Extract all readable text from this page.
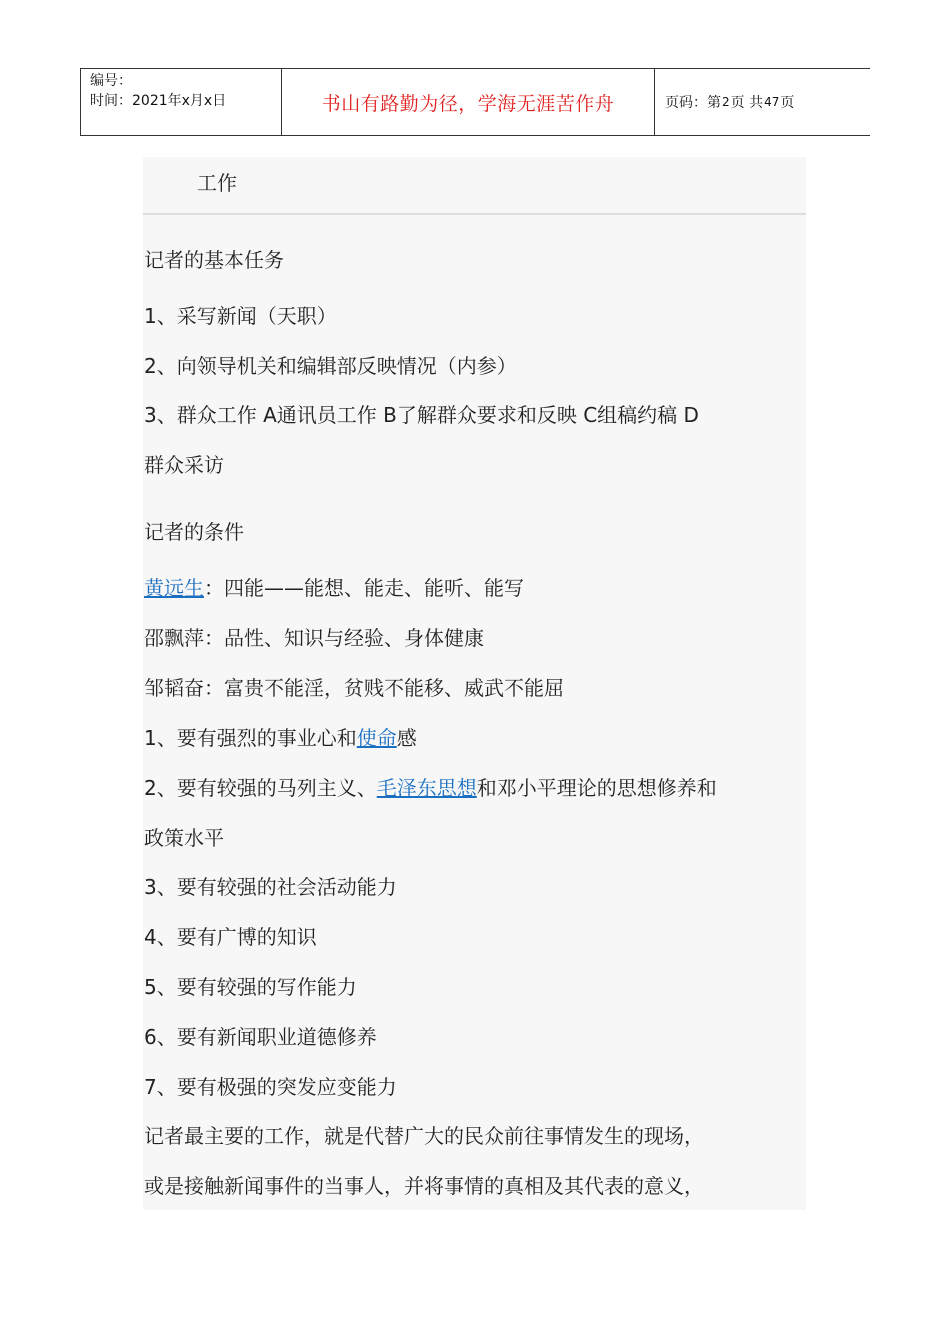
编号：
时间：2021年x月x日	书山有路勤为径，学海无涯苦作舟	页码：第 2 页 共 47 页
工作
记者的基本任务
1、采写新闻（天职）
2、向领导机关和编辑部反映情况（内参）
3、群众工作 A通讯员工作 B了解群众要求和反映 C组稿约稿 D
群众采访
记者的条件
黄远生：四能——能想、能走、能听、能写
邵飘萍：品性、知识与经验、身体健康
邹韬奋：富贵不能淫，贫贱不能移、威武不能屈
1、要有强烈的事业心和使命感
2、要有较强的马列主义、毛泽东思想和邓小平理论的思想修养和
政策水平
3、要有较强的社会活动能力
4、要有广博的知识
5、要有较强的写作能力
6、要有新闻职业道德修养
7、要有极强的突发应变能力
记者最主要的工作，就是代替广大的民众前往事情发生的现场，
或是接触新闻事件的当事人，并将事情的真相及其代表的意义，
